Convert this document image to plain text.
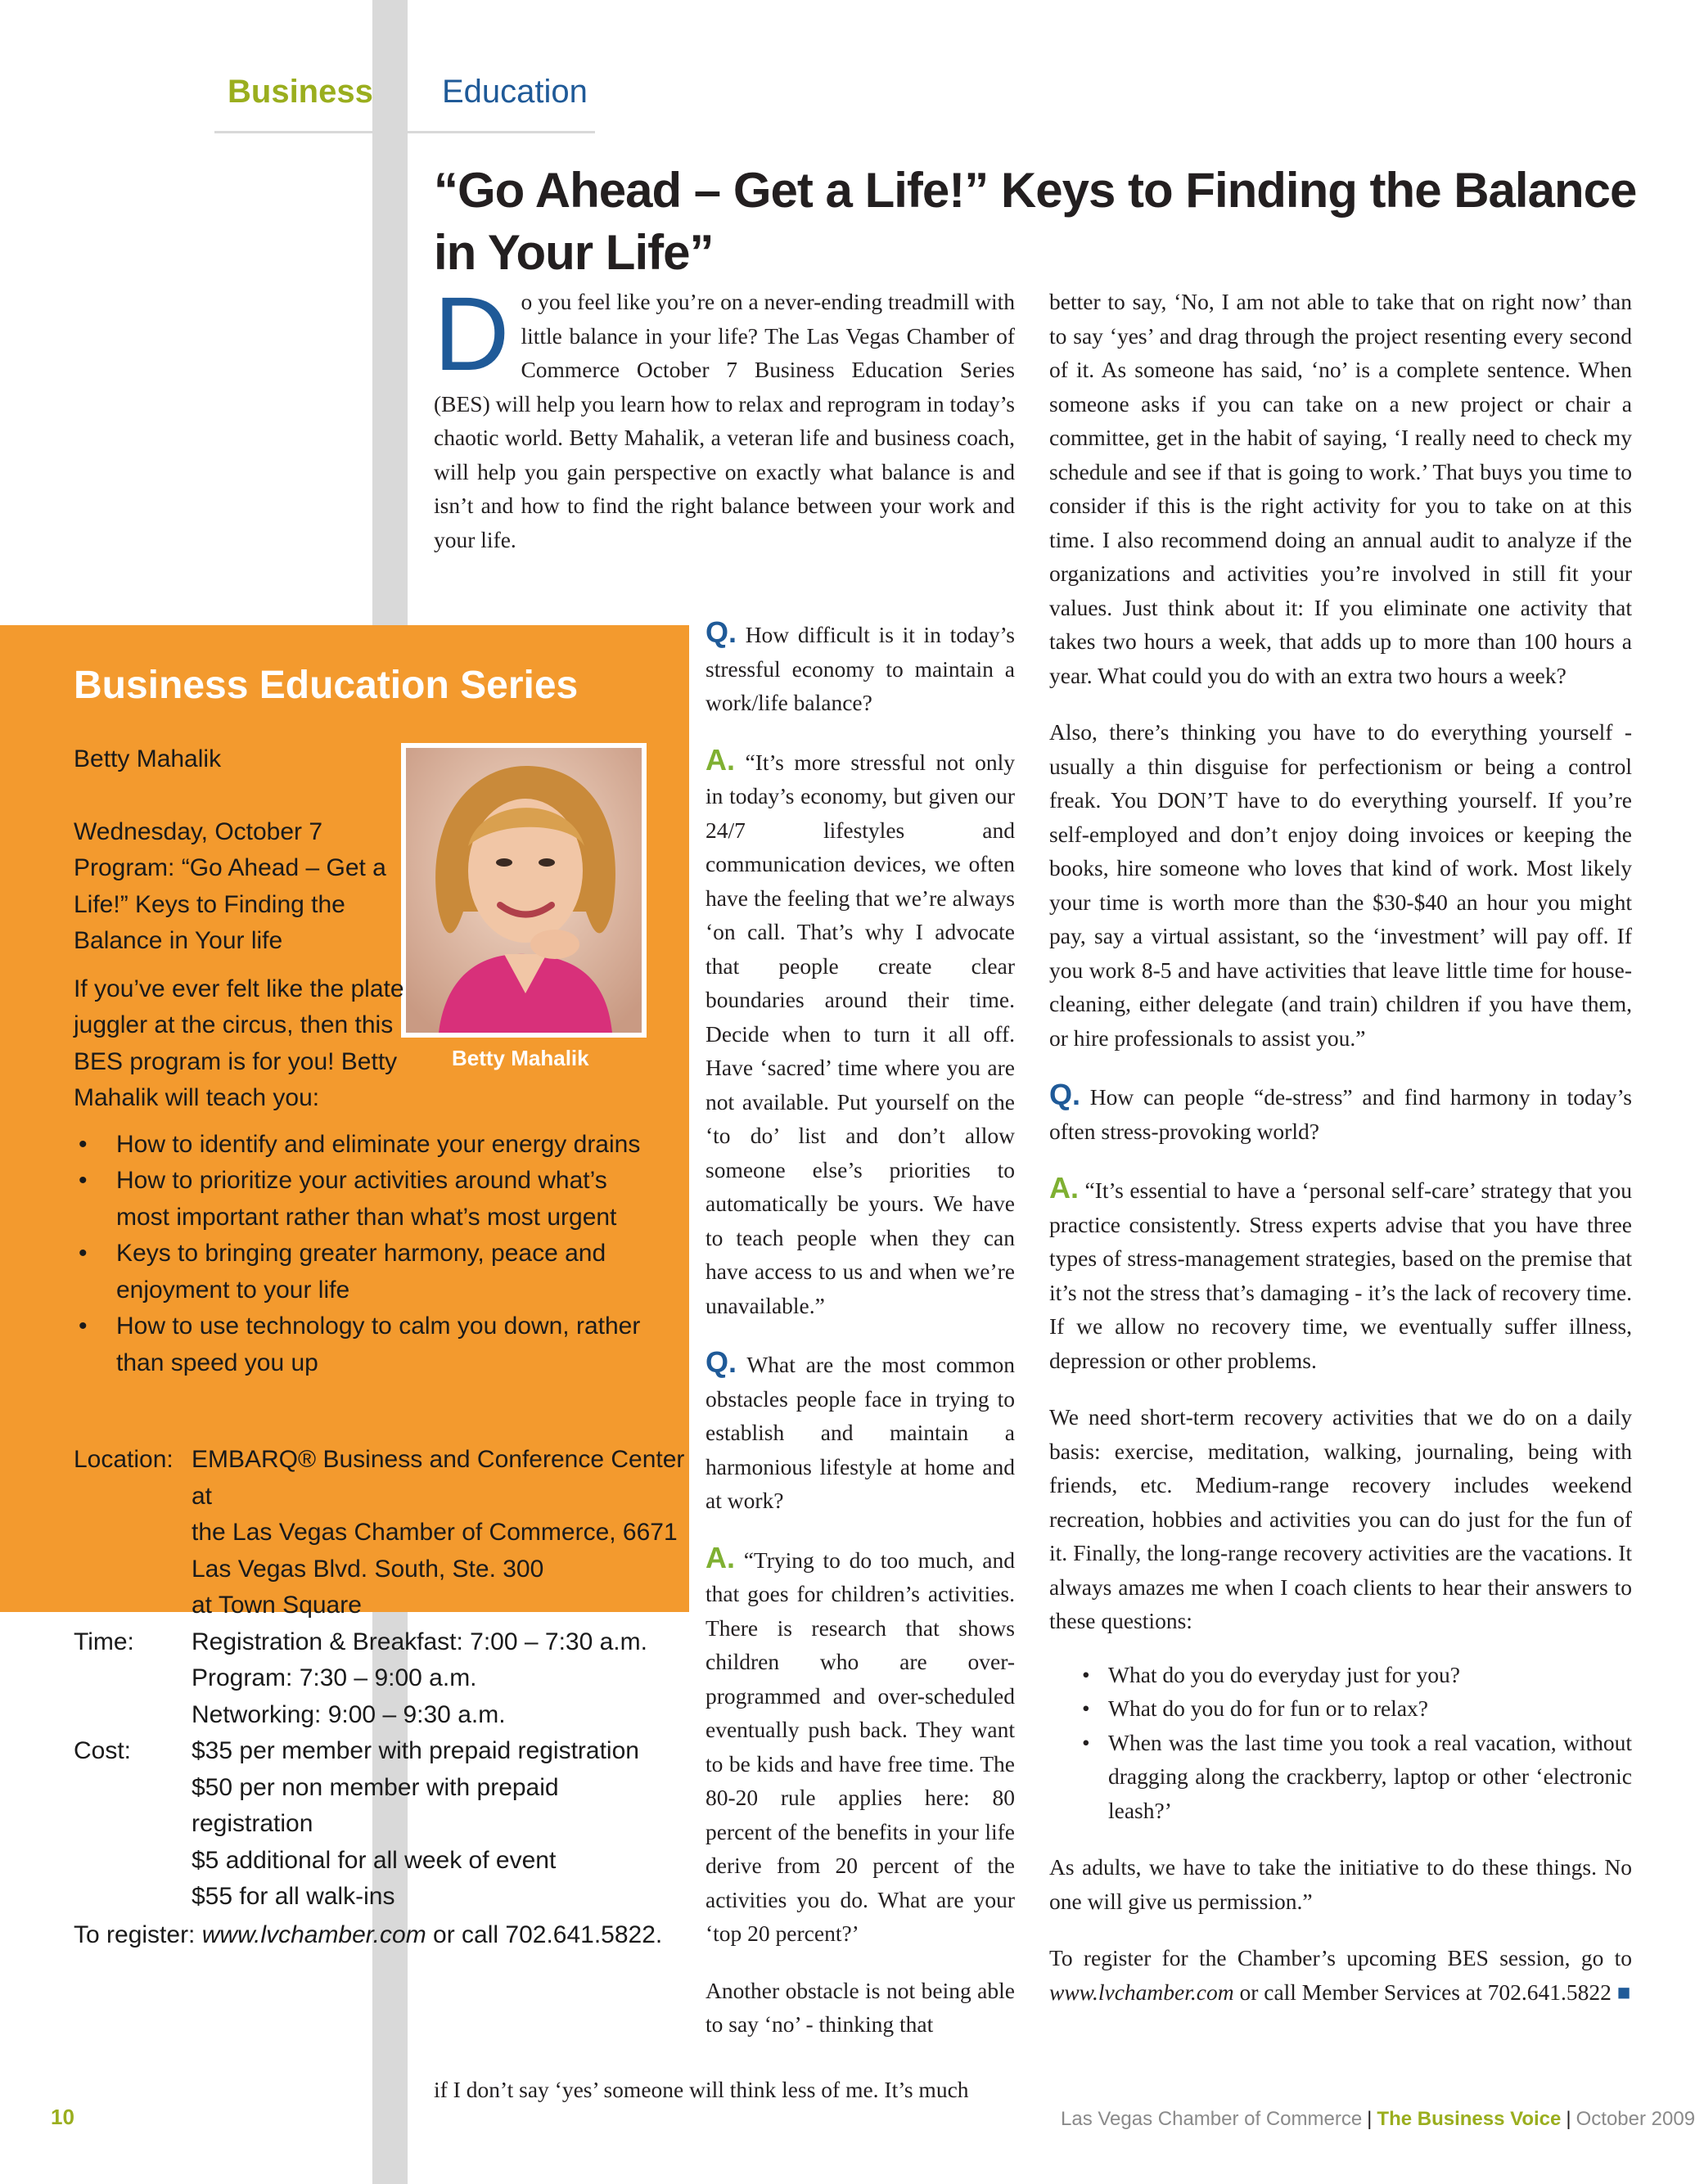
Business Education
“Go Ahead – Get a Life!” Keys to Finding the Balance in Your Life”
D o you feel like you’re on a never-ending treadmill with little balance in your life? The Las Vegas Chamber of Commerce October 7 Business Education Series (BES) will help you learn how to relax and reprogram in today’s chaotic world. Betty Mahalik, a veteran life and business coach, will help you gain perspective on exactly what balance is and isn’t and how to find the right balance between your work and your life.

Q. How difficult is it in today’s stressful economy to maintain a work/life balance?

A. “It’s more stressful not only in today’s economy, but given our 24/7 lifestyles and communication devices, we often have the feeling that we’re always ‘on call. That’s why I advocate that people create clear boundaries around their time. Decide when to turn it all off. Have ‘sacred’ time where you are not available. Put yourself on the ‘to do’ list and don’t allow someone else’s priorities to automatically be yours. We have to teach people when they can have access to us and when we’re unavailable.”

Q. What are the most common obstacles people face in trying to establish and maintain a harmonious lifestyle at home and at work?

A. “Trying to do too much, and that goes for children’s activities. There is research that shows children who are over-programmed and over-scheduled eventually push back. They want to be kids and have free time. The 80-20 rule applies here: 80 percent of the benefits in your life derive from 20 percent of the activities you do. What are your ‘top 20 percent?’

Another obstacle is not being able to say ‘no’ - thinking that

if I don’t say ‘yes’ someone will think less of me. It’s much

better to say, ‘No, I am not able to take that on right now’ than to say ‘yes’ and drag through the project resenting every second of it. As someone has said, ‘no’ is a complete sentence. When someone asks if you can take on a new project or chair a committee, get in the habit of saying, ‘I really need to check my schedule and see if that is going to work.’ That buys you time to consider if this is the right activity for you to take on at this time. I also recommend doing an annual audit to analyze if the organizations and activities you’re involved in still fit your values. Just think about it: If you eliminate one activity that takes two hours a week, that adds up to more than 100 hours a year. What could you do with an extra two hours a week?

Also, there’s thinking you have to do everything yourself - usually a thin disguise for perfectionism or being a control freak. You DON’T have to do everything yourself. If you’re self-employed and don’t enjoy doing invoices or keeping the books, hire someone who loves that kind of work. Most likely your time is worth more than the $30-$40 an hour you might pay, say a virtual assistant, so the ‘investment’ will pay off. If you work 8-5 and have activities that leave little time for house-cleaning, either delegate (and train) children if you have them, or hire professionals to assist you.”

Q. How can people “de-stress” and find harmony in today’s often stress-provoking world?

A. “It’s essential to have a ‘personal self-care’ strategy that you practice consistently. Stress experts advise that you have three types of stress-management strategies, based on the premise that it’s not the stress that’s damaging - it’s the lack of recovery time. If we allow no recovery time, we eventually suffer illness, depression or other problems.

We need short-term recovery activities that we do on a daily basis: exercise, meditation, walking, journaling, being with friends, etc. Medium-range recovery includes weekend recreation, hobbies and activities you can do just for the fun of it. Finally, the long-range recovery activities are the vacations. It always amazes me when I coach clients to hear their answers to these questions:

• What do you do everyday just for you?
• What do you do for fun or to relax?
• When was the last time you took a real vacation, without dragging along the crackberry, laptop or other ‘electronic leash?’

As adults, we have to take the initiative to do these things. No one will give us permission.”

To register for the Chamber’s upcoming BES session, go to www.lvchamber.com or call Member Services at 702.641.5822 ■

Business Education Series
Betty Mahalik

Betty Mahalik

Wednesday, October 7

Program: “Go Ahead – Get a Life!” Keys to Finding the Balance in Your life

If you’ve ever felt like the plate juggler at the circus, then this BES program is for you! Betty Mahalik will teach you:

• How to identify and eliminate your energy drains
• How to prioritize your activities around what’s most important rather than what’s most urgent
• Keys to bringing greater harmony, peace and enjoyment to your life
• How to use technology to calm you down, rather than speed you up
Location: EMBARQ® Business and Conference Center at
the Las Vegas Chamber of Commerce, 6671
Las Vegas Blvd. South, Ste. 300
at Town Square
Time:	Registration & Breakfast: 7:00 – 7:30 a.m.
Program: 7:30 – 9:00 a.m.
Networking: 9:00 – 9:30 a.m.
Cost:	$35 per member with prepaid registration
$50 per non member with prepaid
registration
$5 additional for all week of event
$55 for all walk-ins
To register: www.lvchamber.com or call 702.641.5822.
10	Las Vegas Chamber of Commerce | The Business Voice | October 2009
